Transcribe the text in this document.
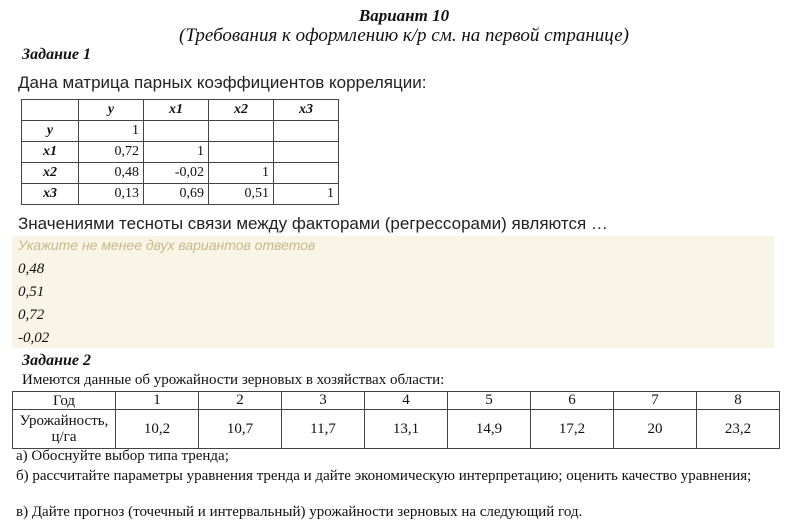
Вариант 10
(Требования к оформлению к/р см. на первой странице)
Задание 1
Дана матрица парных коэффициентов корреляции:
	y	x1	x2	x3
y	1			
x1	0,72	1		
x2	0,48	-0,02	1	
x3	0,13	0,69	0,51	1
Значениями тесноты связи между факторами (регрессорами) являются …
Укажите не менее двух вариантов ответов
0,48
0,51
0,72
-0,02
Задание 2
Имеются данные об урожайности зерновых в хозяйствах области:
Год	1	2	3	4	5	6	7	8
Урожайность, ц/га	10,2	10,7	11,7	13,1	14,9	17,2	20	23,2
а) Обоснуйте выбор типа тренда;
б) рассчитайте параметры уравнения тренда и дайте экономическую интерпретацию; оценить качество уравнения;
в) Дайте прогноз (точечный и интервальный) урожайности зерновых на следующий год.
